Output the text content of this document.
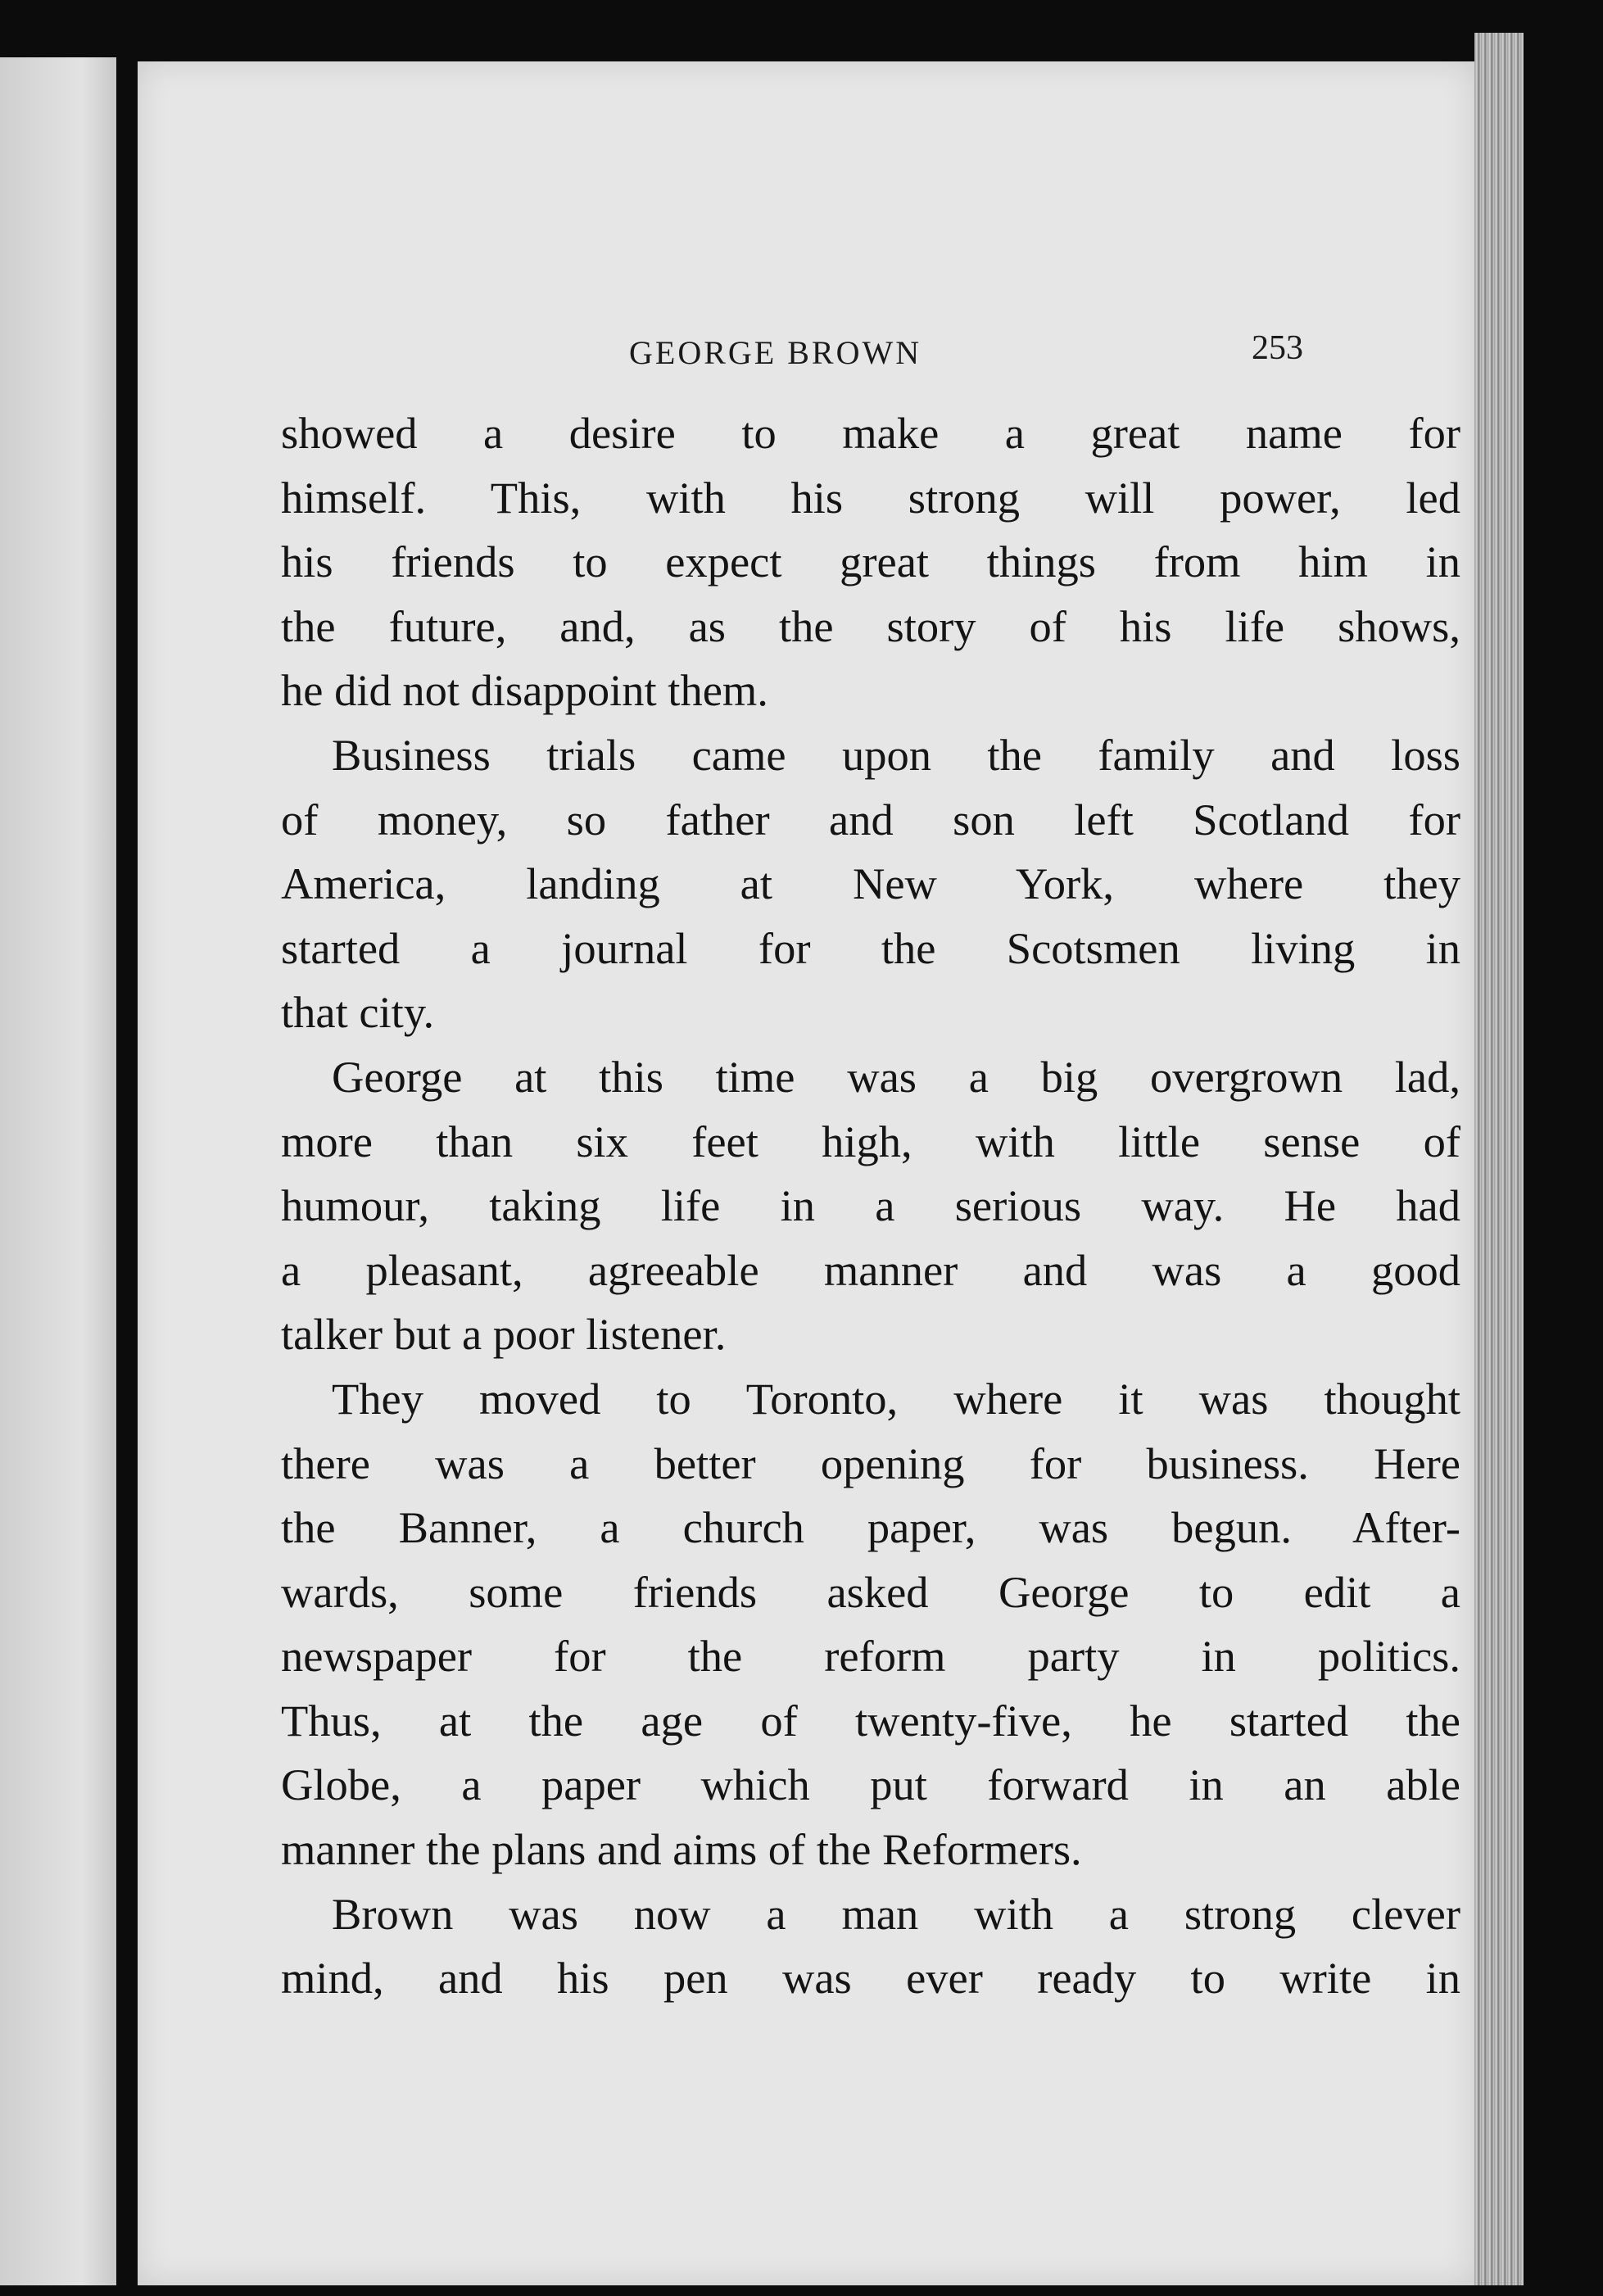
GEORGE BROWN	253
showed a desire to make a great name for
himself. This, with his strong will power, led
his friends to expect great things from him in
the future, and, as the story of his life shows,
he did not disappoint them.
Business trials came upon the family and loss
of money, so father and son left Scotland for
America, landing at New York, where they
started a journal for the Scotsmen living in
that city.
George at this time was a big overgrown lad,
more than six feet high, with little sense of
humour, taking life in a serious way. He had
a pleasant, agreeable manner and was a good
talker but a poor listener.
They moved to Toronto, where it was thought
there was a better opening for business. Here
the Banner, a church paper, was begun. After-
wards, some friends asked George to edit a
newspaper for the reform party in politics.
Thus, at the age of twenty-five, he started the
Globe, a paper which put forward in an able
manner the plans and aims of the Reformers.
Brown was now a man with a strong clever
mind, and his pen was ever ready to write in
